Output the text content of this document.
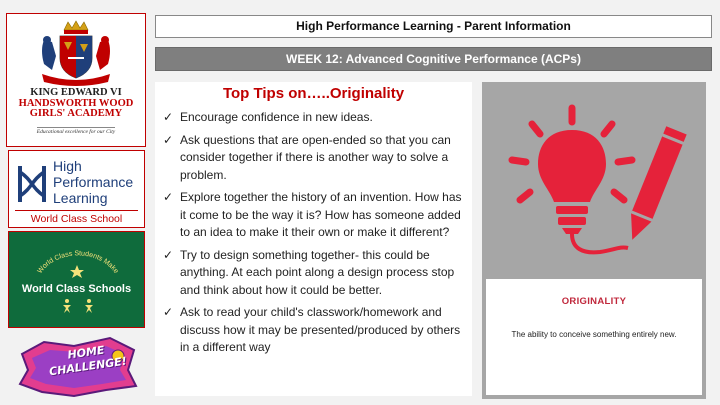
KING EDWARD VI
HANDSWORTH WOOD
GIRLS' ACADEMY
Educational excellence for our City
High
Performance
Learning
World Class School
World Class Students Make
World Class Schools
HOME CHALLENGE!
High Performance Learning - Parent Information
WEEK 12: Advanced Cognitive Performance (ACPs)
Top Tips on…..Originality
✓ Encourage confidence in new ideas.
✓ Ask questions that are open-ended so that you can consider together if there is another way to solve a problem.
✓ Explore together the history of an invention. How has it come to be the way it is? How has someone added to an idea to make it their own or make it different?
✓ Try to design something together- this could be anything. At each point along a design process stop and think about how it could be better.
✓ Ask to read your child's classwork/homework and discuss how it may be presented/produced by others in a different way
ORIGINALITY
The ability to conceive something entirely new.
